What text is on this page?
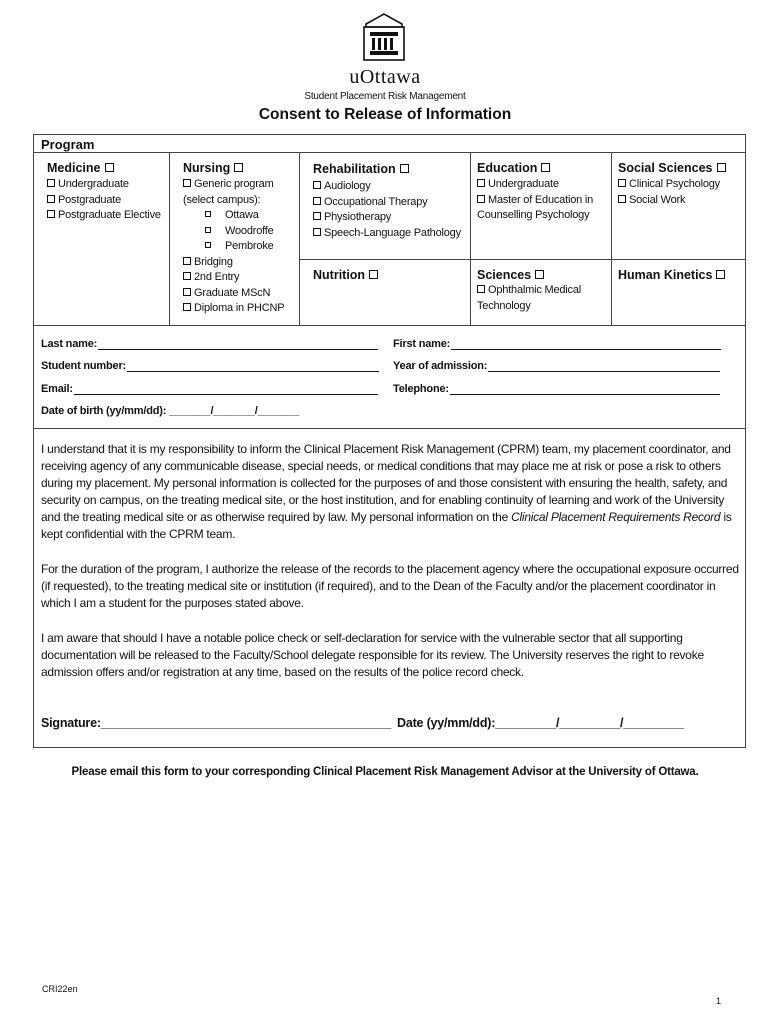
uOttawa
Student Placement Risk Management
Consent to Release of Information
Program
Medicine
Undergraduate
Postgraduate
Postgraduate Elective
Nursing
Generic program
(select campus):
Ottawa
Woodroffe
Pembroke
Bridging
2nd Entry
Graduate MScN
Diploma in PHCNP
Rehabilitation
Audiology
Occupational Therapy
Physiotherapy
Speech-Language Pathology
Education
Undergraduate
Master of Education in
Counselling Psychology
Social Sciences
Clinical Psychology
Social Work
Nutrition	Sciences
Ophthalmic Medical
Technology
Human Kinetics
Last name:	First name:
Student number:	Year of admission:
Email:	Telephone:
Date of birth (yy/mm/dd): _______/_______/_______

I understand that it is my responsibility to inform the Clinical Placement Risk Management (CPRM) team, my placement coordinator, and receiving agency of any communicable disease, special needs, or medical conditions that may place me at risk or pose a risk to others during my placement. My personal information is collected for the purposes of and those consistent with ensuring the health, safety, and security on campus, on the treating medical site, or the host institution, and for enabling continuity of learning and work of the University and the treating medical site or as otherwise required by law. My personal information on the Clinical Placement Requirements Record is kept confidential with the CPRM team.

For the duration of the program, I authorize the release of the records to the placement agency where the occupational exposure occurred (if requested), to the treating medical site or institution (if required), and to the Dean of the Faculty and/or the placement coordinator in which I am a student for the purposes stated above.

I am aware that should I have a notable police check or self-declaration for service with the vulnerable sector that all supporting documentation will be released to the Faculty/School delegate responsible for its review. The University reserves the right to revoke admission offers and/or registration at any time, based on the results of the police record check.

Signature:___________________________________________ Date (yy/mm/dd):_________/_________/_________
Please email this form to your corresponding Clinical Placement Risk Management Advisor at the University of Ottawa.
CRI22en
1
